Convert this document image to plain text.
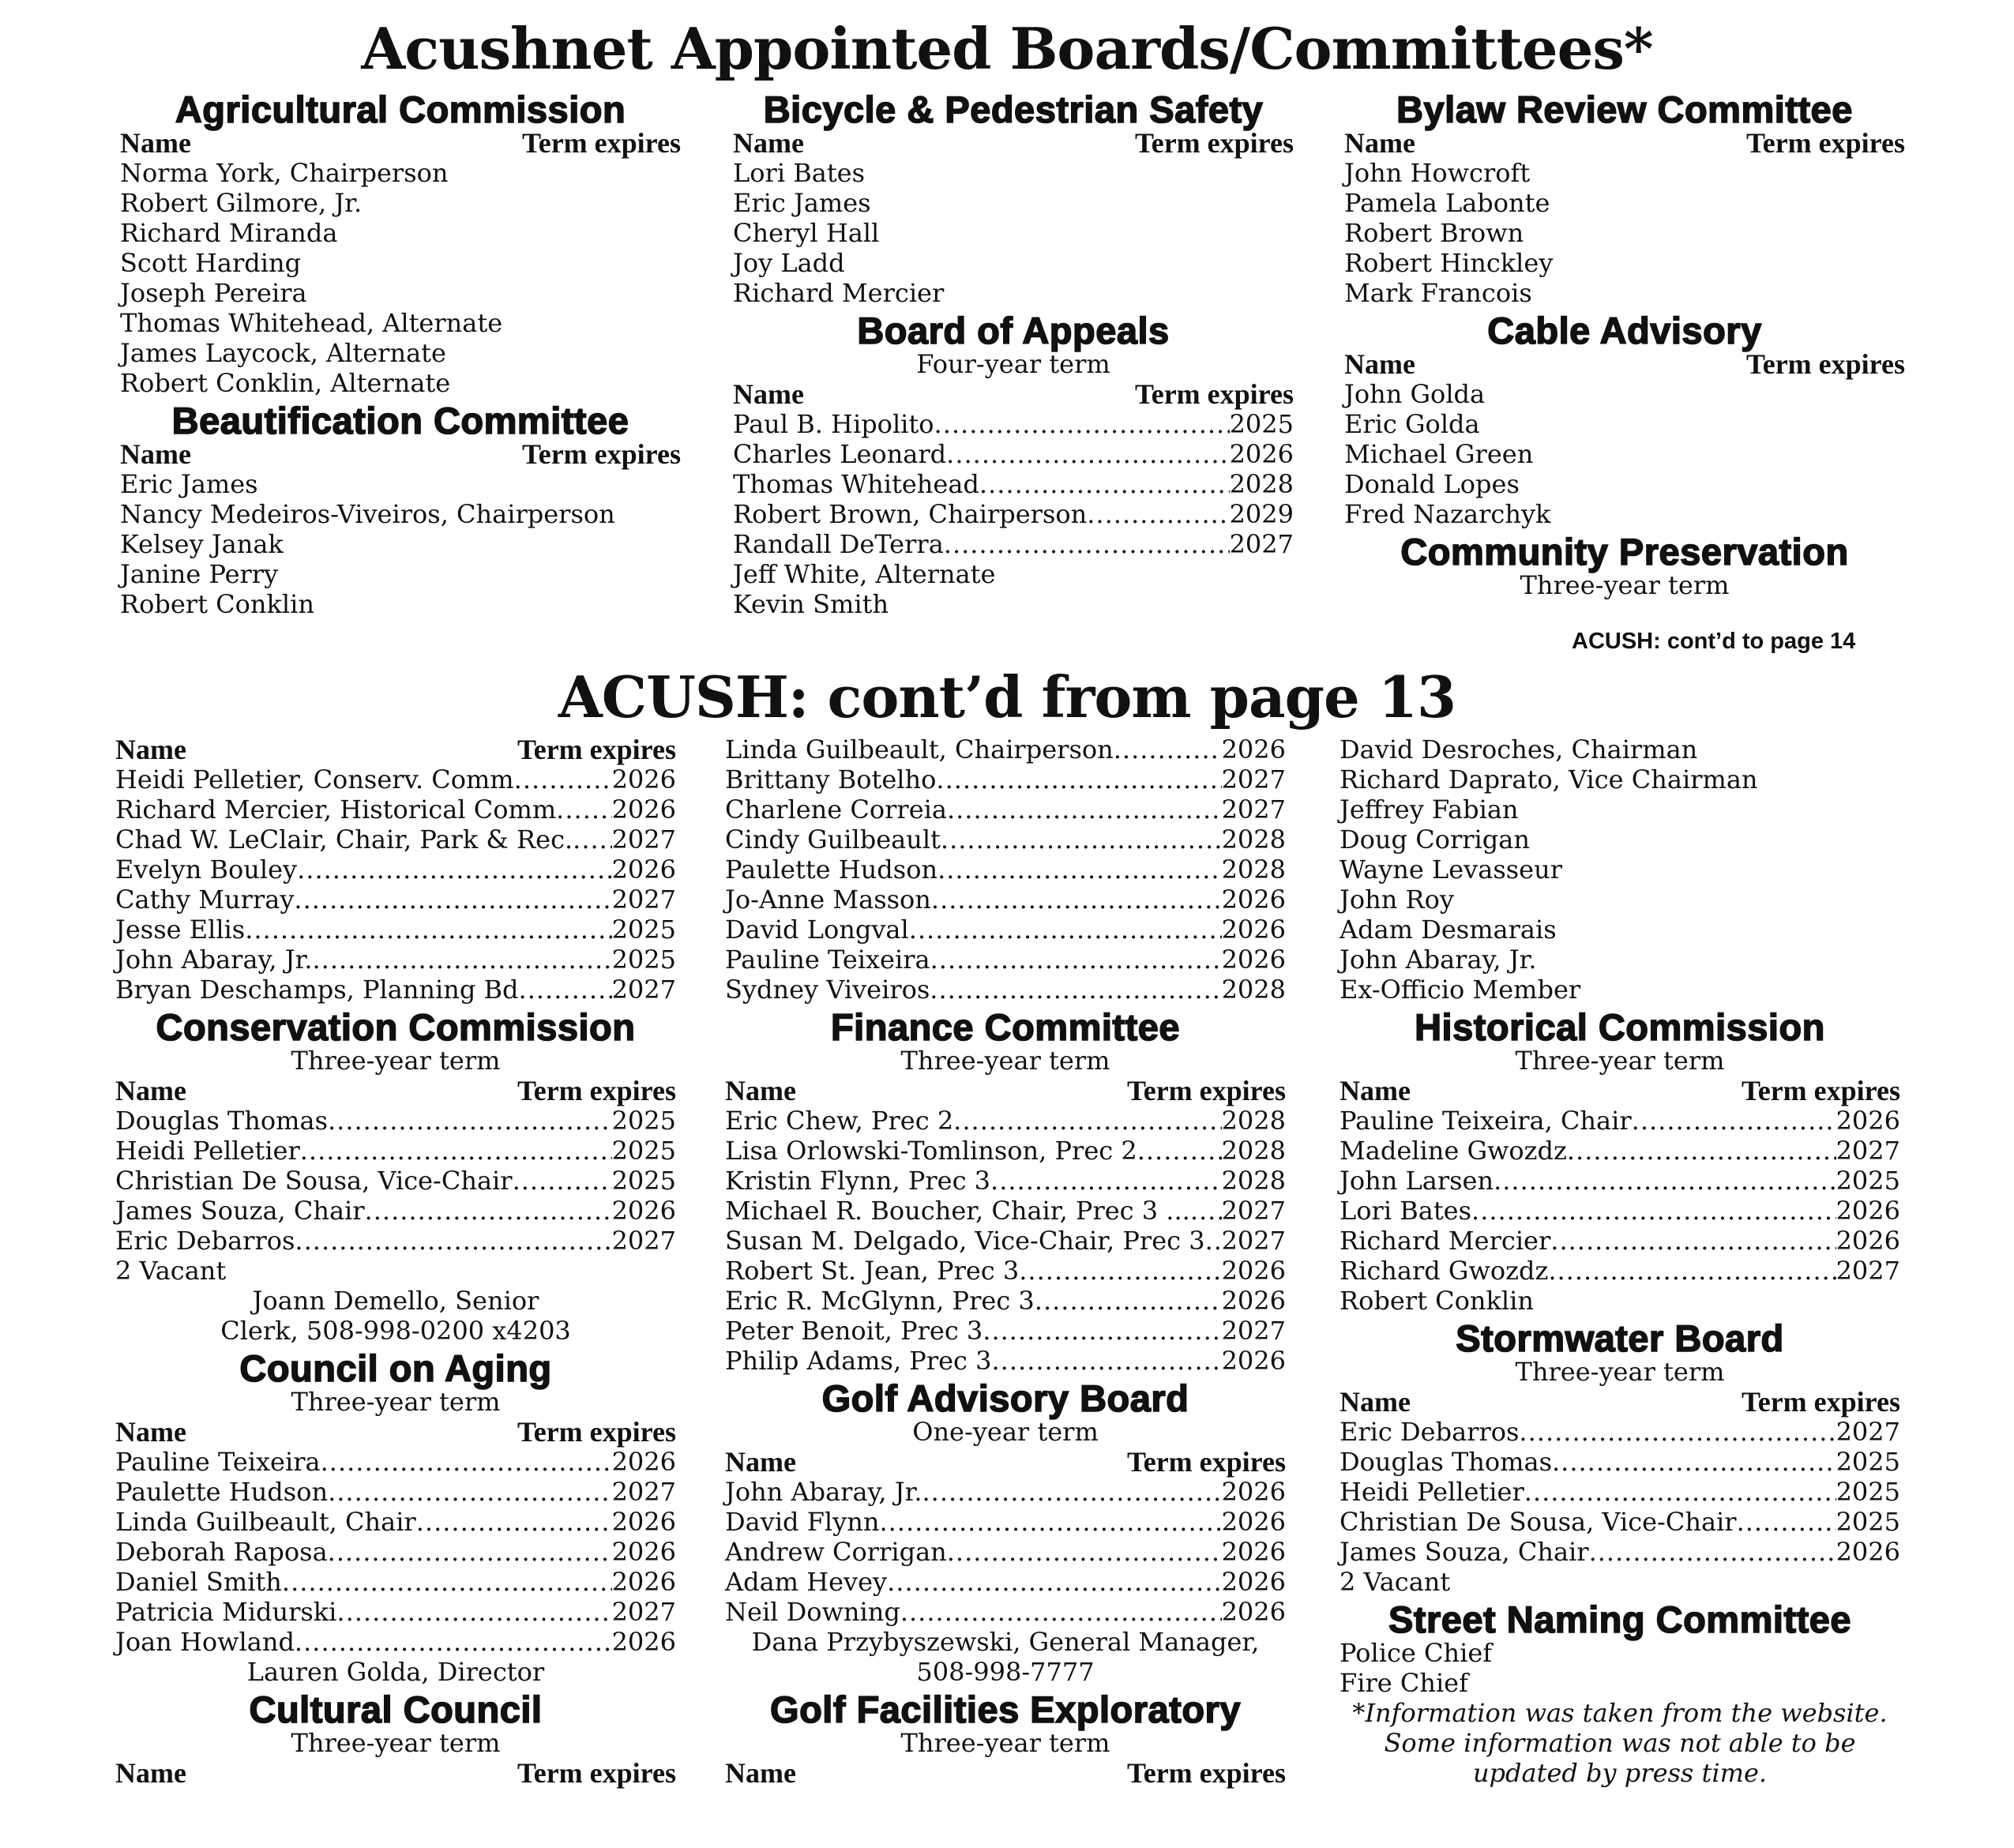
Acushnet Appointed Boards/Committees*
Agricultural Commission
Name	Term expires
Norma York, Chairperson
Robert Gilmore, Jr.
Richard Miranda
Scott Harding
Joseph Pereira
Thomas Whitehead, Alternate
James Laycock, Alternate
Robert Conklin, Alternate
Beautification Committee
Name	Term expires
Eric James
Nancy Medeiros-Viveiros, Chairperson
Kelsey Janak
Janine Perry
Robert Conklin
Bicycle & Pedestrian Safety
Name	Term expires
Lori Bates
Eric James
Cheryl Hall
Joy Ladd
Richard Mercier
Board of Appeals
Four-year term
Name	Term expires
Paul B. Hipolito .....	2025
Charles Leonard .....	2026
Thomas Whitehead .....	2028
Robert Brown, Chairperson .....	2029
Randall DeTerra .....	2027
Jeff White, Alternate
Kevin Smith
Bylaw Review Committee
Name	Term expires
John Howcroft
Pamela Labonte
Robert Brown
Robert Hinckley
Mark Francois
Cable Advisory
Name	Term expires
John Golda
Eric Golda
Michael Green
Donald Lopes
Fred Nazarchyk
Community Preservation
Three-year term
ACUSH: cont’d to page 14
ACUSH: cont’d from page 13
Name	Term expires
Heidi Pelletier, Conserv. Comm .....	2026
Richard Mercier, Historical Comm ..... 2026
Chad W. LeClair, Chair, Park & Rec. ..... 2027
Evelyn Bouley .....	2026
Cathy Murray .....	2027
Jesse Ellis .....	2025
John Abaray, Jr. .....	2025
Bryan Deschamps, Planning Bd .....	2027
Conservation Commission
Three-year term
Name	Term expires
Douglas Thomas .....	2025
Heidi Pelletier .....	2025
Christian De Sousa, Vice-Chair .....	2025
James Souza, Chair .....	2026
Eric Debarros .....	2027
2 Vacant
Joann Demello, Senior
Clerk, 508-998-0200 x4203
Council on Aging
Three-year term
Name	Term expires
Pauline Teixeira .....	2026
Paulette Hudson .....	2027
Linda Guilbeault, Chair .....	2026
Deborah Raposa .....	2026
Daniel Smith .....	2026
Patricia Midurski .....	2027
Joan Howland .....	2026
Lauren Golda, Director
Cultural Council
Three-year term
Name	Term expires
Linda Guilbeault, Chairperson .....	2026
Brittany Botelho .....	2027
Charlene Correia .....	2027
Cindy Guilbeault .....	2028
Paulette Hudson .....	2028
Jo-Anne Masson .....	2026
David Longval .....	2026
Pauline Teixeira .....	2026
Sydney Viveiros .....	2028
Finance Committee
Three-year term
Name	Term expires
Eric Chew, Prec 2 .....	2028
Lisa Orlowski-Tomlinson, Prec 2 .....	2028
Kristin Flynn, Prec 3 .....	2028
Michael R. Boucher, Chair, Prec 3 ... ..... 2027
Susan M. Delgado, Vice-Chair, Prec 3 ..... 2027
Robert St. Jean, Prec 3 .....	2026
Eric R. McGlynn, Prec 3 .....	2026
Peter Benoit, Prec 3 .....	2027
Philip Adams, Prec 3 .....	2026
Golf Advisory Board
One-year term
Name	Term expires
John Abaray, Jr. .....	2026
David Flynn .....	2026
Andrew Corrigan .....	2026
Adam Hevey .....	2026
Neil Downing .....	2026
Dana Przybyszewski, General Manager,
508-998-7777
Golf Facilities Exploratory
Three-year term
Name	Term expires
David Desroches, Chairman
Richard Daprato, Vice Chairman
Jeffrey Fabian
Doug Corrigan
Wayne Levasseur
John Roy
Adam Desmarais
John Abaray, Jr.
Ex-Officio Member
Historical Commission
Three-year term
Name	Term expires
Pauline Teixeira, Chair .....	2026
Madeline Gwozdz .....	2027
John Larsen .....	2025
Lori Bates .....	2026
Richard Mercier .....	2026
Richard Gwozdz .....	2027
Robert Conklin
Stormwater Board
Three-year term
Name	Term expires
Eric Debarros .....	2027
Douglas Thomas .....	2025
Heidi Pelletier .....	2025
Christian De Sousa, Vice-Chair .....	2025
James Souza, Chair .....	2026
2 Vacant
Street Naming Committee
Police Chief
Fire Chief
*Information was taken from the website.
Some information was not able to be
updated by press time.
